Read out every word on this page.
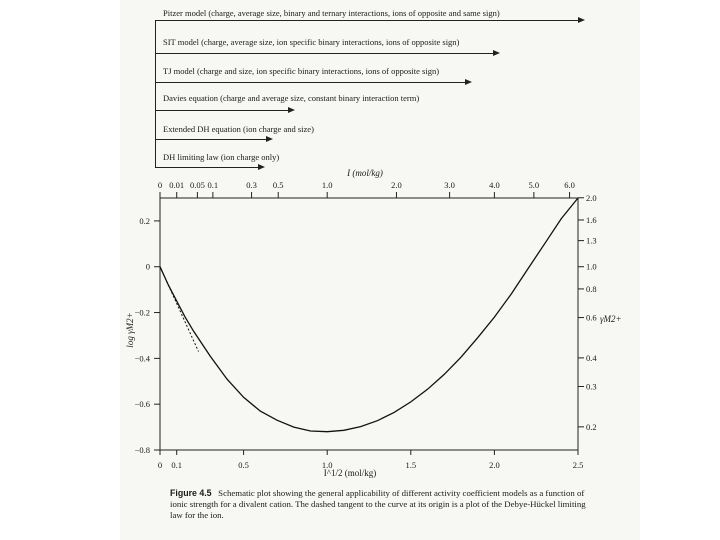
Pitzer model (charge, average size, binary and ternary interactions, ions of opposite and same sign)
SIT model (charge, average size, ion specific binary interactions, ions of opposite sign)
TJ model (charge and size, ion specific binary interactions, ions of opposite sign)
Davies equation (charge and average size, constant binary interaction term)
Extended DH equation (ion charge and size)
DH limiting law (ion charge only)
0 0.1	0.5	1.0	1.5	2.0	2.5
0.2
0
−0.2
−0.4
−0.6
−0.8
0 0.01 0.05 0.1	0.3 0.5	1.0	2.0	3.0	4.0	5.0	6.0
2.0
1.6
1.3
1.0
0.8
0.6
0.4
0.3
0.2
I^1/2 (mol/kg)
I (mol/kg)
log γM2+	γM2+
Figure 4.5 Schematic plot showing the general applicability of different activity coefficient models as a function of ionic strength for a divalent cation. The dashed tangent to the curve at its origin is a plot of the Debye-Hückel limiting law for the ion.
